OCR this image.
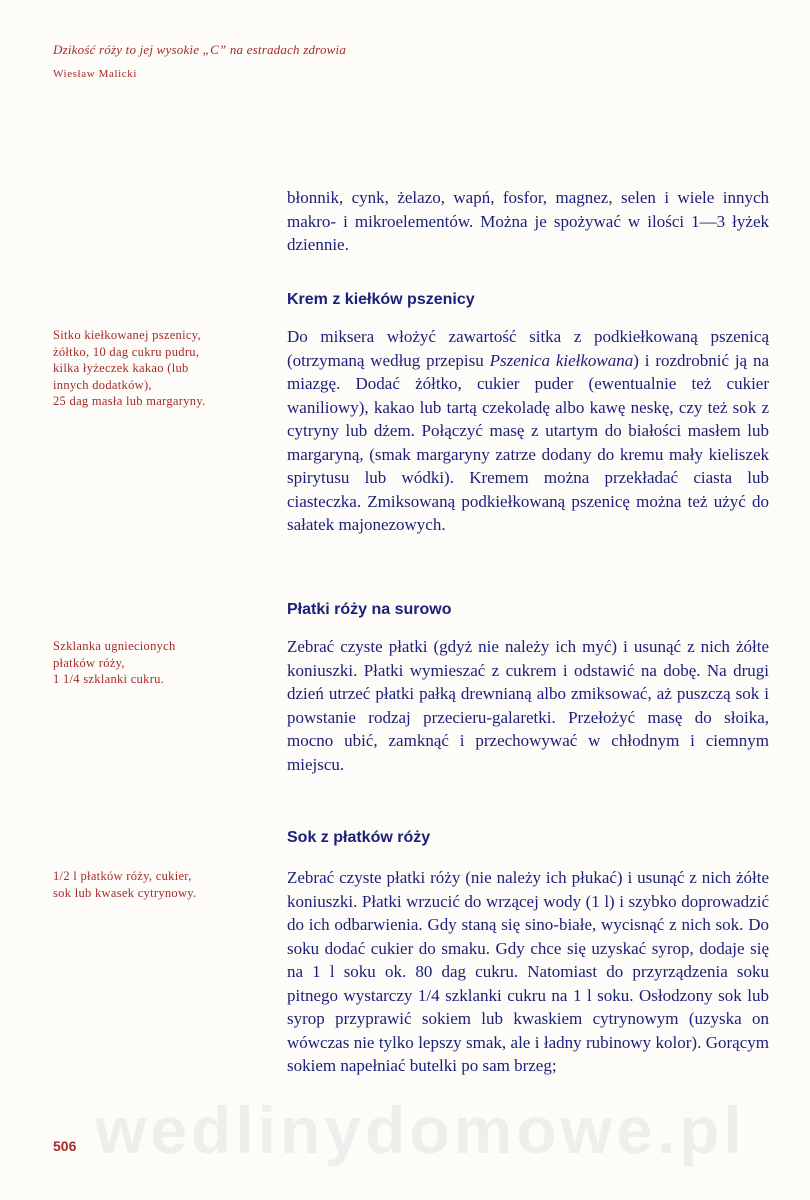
Dzikość róży to jej wysokie „C” na estradach zdrowia
Wiesław Malicki

błonnik, cynk, żelazo, wapń, fosfor, magnez, selen i wiele innych makro- i mikroelementów. Można je spożywać w ilości 1—3 łyżek dziennie.

Krem z kiełków pszenicy

Sitko kiełkowanej pszenicy,

żółtko, 10 dag cukru pudru,

kilka łyżeczek kakao (lub

innych dodatków),

25 dag masła lub margaryny.

Do miksera włożyć zawartość sitka z podkiełkowaną pszenicą (otrzymaną według przepisu Pszenica kiełkowana) i rozdrobnić ją na miazgę. Dodać żółtko, cukier puder (ewentualnie też cukier waniliowy), kakao lub tartą czekoladę albo kawę neskę, czy też sok z cytryny lub dżem. Połączyć masę z utartym do białości masłem lub margaryną, (smak margaryny zatrze dodany do kremu mały kieliszek spirytusu lub wódki). Kremem można przekładać ciasta lub ciasteczka. Zmiksowaną podkiełkowaną pszenicę można też użyć do sałatek majonezowych.

Płatki róży na surowo

Szklanka ugniecionych

płatków róży,

1 1/4 szklanki cukru.

Zebrać czyste płatki (gdyż nie należy ich myć) i usunąć z nich żółte koniuszki. Płatki wymieszać z cukrem i odstawić na dobę. Na drugi dzień utrzeć płatki pałką drewnianą albo zmiksować, aż puszczą sok i powstanie rodzaj przecieru-galaretki. Przełożyć masę do słoika, mocno ubić, zamknąć i przechowywać w chłodnym i ciemnym miejscu.

Sok z płatków róży

1/2 l płatków róży, cukier,

sok lub kwasek cytrynowy.

Zebrać czyste płatki róży (nie należy ich płukać) i usunąć z nich żółte koniuszki. Płatki wrzucić do wrzącej wody (1 l) i szybko doprowadzić do ich odbarwienia. Gdy staną się sino-białe, wycisnąć z nich sok. Do soku dodać cukier do smaku. Gdy chce się uzyskać syrop, dodaje się na 1 l soku ok. 80 dag cukru. Natomiast do przyrządzenia soku pitnego wystarczy 1/4 szklanki cukru na 1 l soku. Osłodzony sok lub syrop przyprawić sokiem lub kwaskiem cytrynowym (uzyska on wówczas nie tylko lepszy smak, ale i ładny rubinowy kolor). Gorącym sokiem napełniać butelki po sam brzeg;

wedlinydomowe.pl
506
